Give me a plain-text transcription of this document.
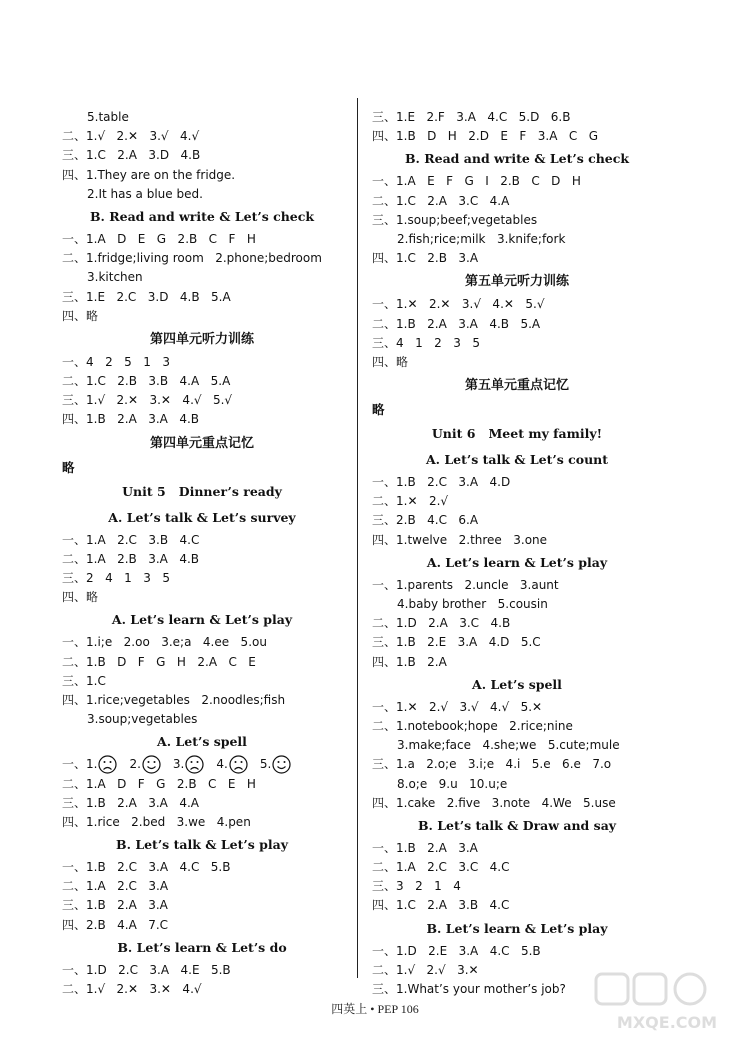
5.table
二、1.√   2.✕   3.√   4.√
三、1.C   2.A   3.D   4.B
四、1.They are on the fridge.
2.It has a blue bed.
B. Read and write & Let’s check
一、1.A   D   E   G   2.B   C   F   H
二、1.fridge;living room   2.phone;bedroom
3.kitchen
三、1.E   2.C   3.D   4.B   5.A
四、略
第四单元听力训练
一、4   2   5   1   3
二、1.C   2.B   3.B   4.A   5.A
三、1.√   2.✕   3.✕   4.√   5.√
四、1.B   2.A   3.A   4.B
第四单元重点记忆
略
Unit 5   Dinner’s ready
A. Let’s talk & Let’s survey
一、1.A   2.C   3.B   4.C
二、1.A   2.B   3.A   4.B
三、2   4   1   3   5
四、略
A. Let’s learn & Let’s play
一、1.i;e   2.oo   3.e;a   4.ee   5.ou
二、1.B   D   F   G   H   2.A   C   E
三、1.C
四、1.rice;vegetables   2.noodles;fish
3.soup;vegetables
A. Let’s spell
一、1.	2.	3.	4.	5.
二、1.A   D   F   G   2.B   C   E   H
三、1.B   2.A   3.A   4.A
四、1.rice   2.bed   3.we   4.pen
B. Let’s talk & Let’s play
一、1.B   2.C   3.A   4.C   5.B
二、1.A   2.C   3.A
三、1.B   2.A   3.A
四、2.B   4.A   7.C
B. Let’s learn & Let’s do
一、1.D   2.C   3.A   4.E   5.B
二、1.√   2.✕   3.✕   4.√
三、1.E   2.F   3.A   4.C   5.D   6.B
四、1.B   D   H   2.D   E   F   3.A   C   G
B. Read and write & Let’s check
一、1.A   E   F   G   I   2.B   C   D   H
二、1.C   2.A   3.C   4.A
三、1.soup;beef;vegetables
2.fish;rice;milk   3.knife;fork
四、1.C   2.B   3.A
第五单元听力训练
一、1.✕   2.✕   3.√   4.✕   5.√
二、1.B   2.A   3.A   4.B   5.A
三、4   1   2   3   5
四、略
第五单元重点记忆
略
Unit 6   Meet my family!
A. Let’s talk & Let’s count
一、1.B   2.C   3.A   4.D
二、1.✕   2.√
三、2.B   4.C   6.A
四、1.twelve   2.three   3.one
A. Let’s learn & Let’s play
一、1.parents   2.uncle   3.aunt
4.baby brother   5.cousin
二、1.D   2.A   3.C   4.B
三、1.B   2.E   3.A   4.D   5.C
四、1.B   2.A
A. Let’s spell
一、1.✕   2.√   3.√   4.√   5.✕
二、1.notebook;hope   2.rice;nine
3.make;face   4.she;we   5.cute;mule
三、1.a   2.o;e   3.i;e   4.i   5.e   6.e   7.o
8.o;e   9.u   10.u;e
四、1.cake   2.five   3.note   4.We   5.use
B. Let’s talk & Draw and say
一、1.B   2.A   3.A
二、1.A   2.C   3.C   4.C
三、3   2   1   4
四、1.C   2.A   3.B   4.C
B. Let’s learn & Let’s play
一、1.D   2.E   3.A   4.C   5.B
二、1.√   2.√   3.✕
三、1.What’s your mother’s job?
四英上 • PEP 106
MXQE.COM
